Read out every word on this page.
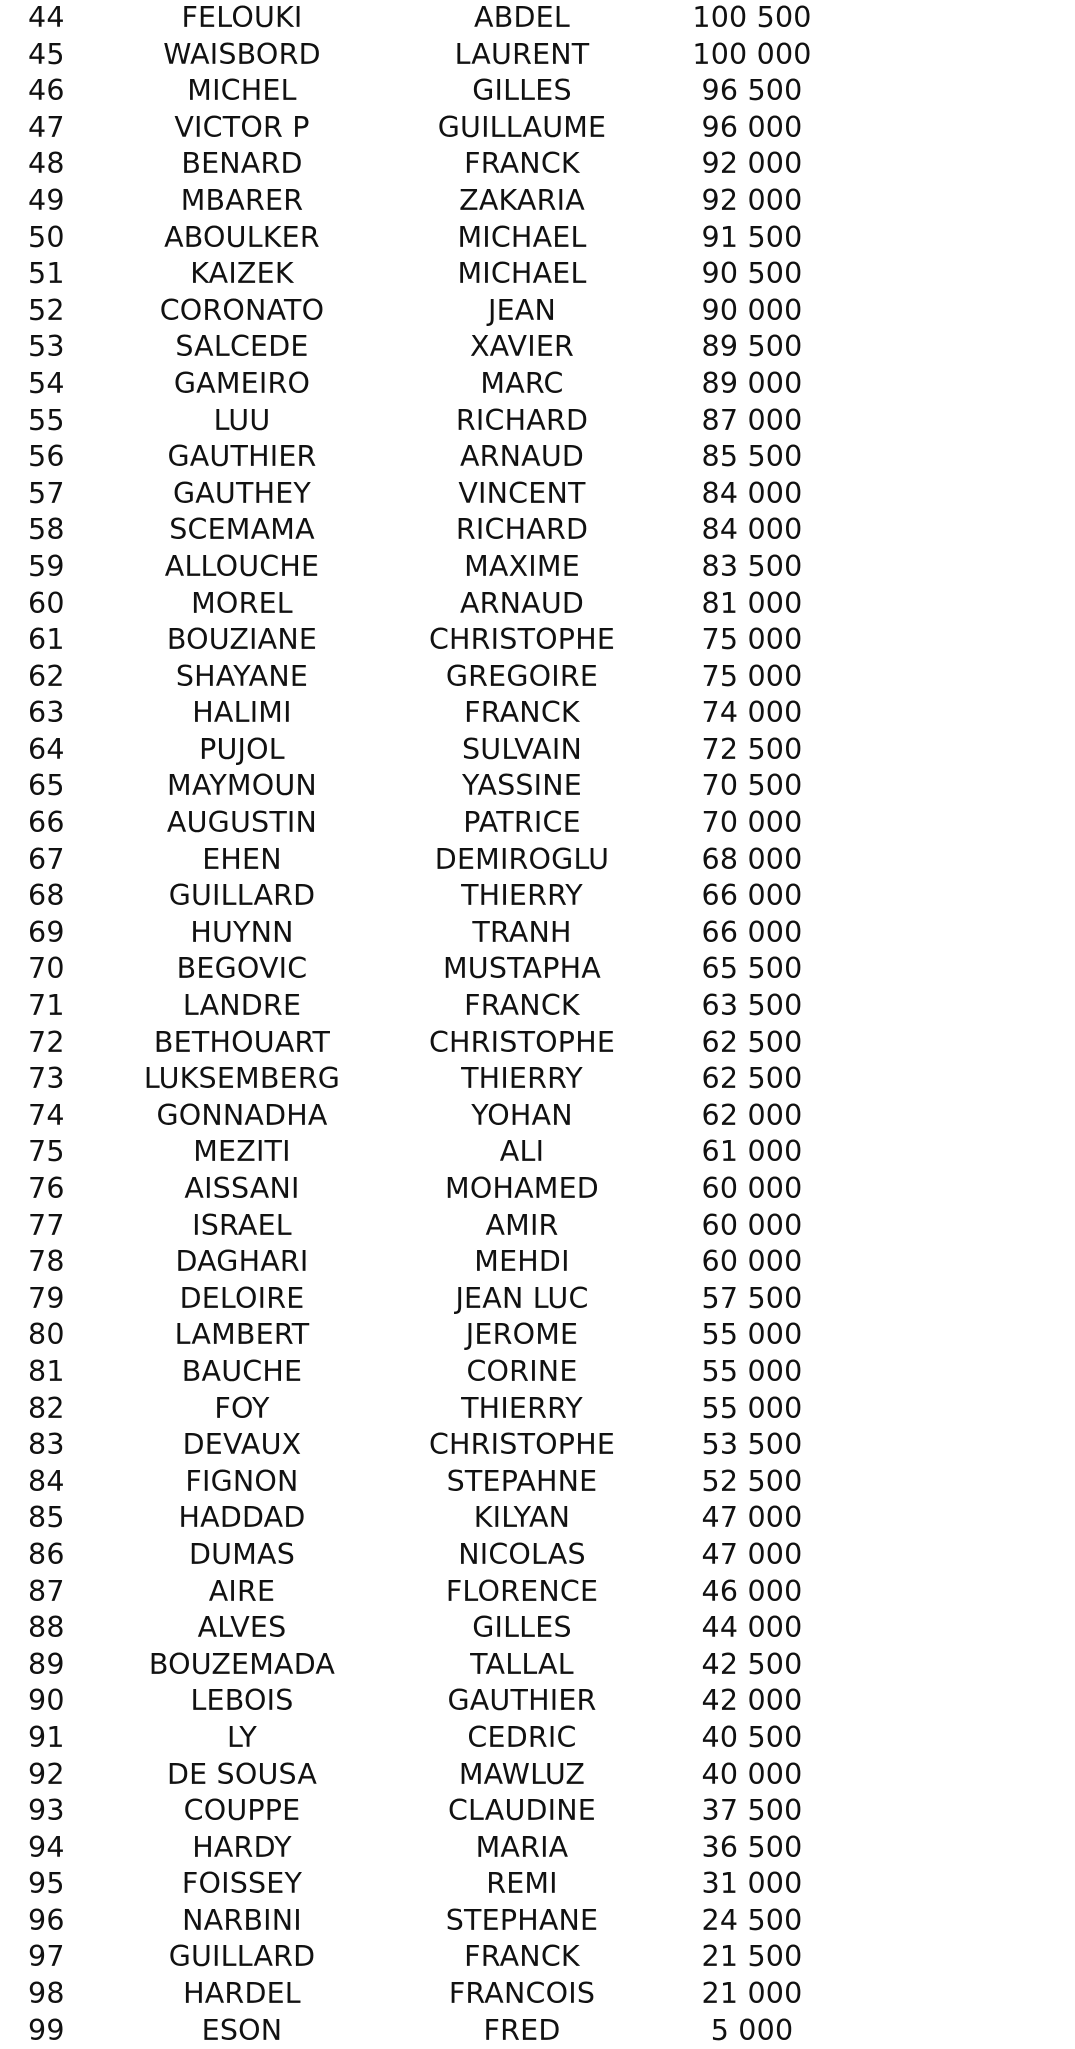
44	FELOUKI	ABDEL	100 500
45	WAISBORD	LAURENT	100 000
46	MICHEL	GILLES	96 500
47	VICTOR P	GUILLAUME	96 000
48	BENARD	FRANCK	92 000
49	MBARER	ZAKARIA	92 000
50	ABOULKER	MICHAEL	91 500
51	KAIZEK	MICHAEL	90 500
52	CORONATO	JEAN	90 000
53	SALCEDE	XAVIER	89 500
54	GAMEIRO	MARC	89 000
55	LUU	RICHARD	87 000
56	GAUTHIER	ARNAUD	85 500
57	GAUTHEY	VINCENT	84 000
58	SCEMAMA	RICHARD	84 000
59	ALLOUCHE	MAXIME	83 500
60	MOREL	ARNAUD	81 000
61	BOUZIANE	CHRISTOPHE	75 000
62	SHAYANE	GREGOIRE	75 000
63	HALIMI	FRANCK	74 000
64	PUJOL	SULVAIN	72 500
65	MAYMOUN	YASSINE	70 500
66	AUGUSTIN	PATRICE	70 000
67	EHEN	DEMIROGLU	68 000
68	GUILLARD	THIERRY	66 000
69	HUYNN	TRANH	66 000
70	BEGOVIC	MUSTAPHA	65 500
71	LANDRE	FRANCK	63 500
72	BETHOUART	CHRISTOPHE	62 500
73	LUKSEMBERG	THIERRY	62 500
74	GONNADHA	YOHAN	62 000
75	MEZITI	ALI	61 000
76	AISSANI	MOHAMED	60 000
77	ISRAEL	AMIR	60 000
78	DAGHARI	MEHDI	60 000
79	DELOIRE	JEAN LUC	57 500
80	LAMBERT	JEROME	55 000
81	BAUCHE	CORINE	55 000
82	FOY	THIERRY	55 000
83	DEVAUX	CHRISTOPHE	53 500
84	FIGNON	STEPAHNE	52 500
85	HADDAD	KILYAN	47 000
86	DUMAS	NICOLAS	47 000
87	AIRE	FLORENCE	46 000
88	ALVES	GILLES	44 000
89	BOUZEMADA	TALLAL	42 500
90	LEBOIS	GAUTHIER	42 000
91	LY	CEDRIC	40 500
92	DE SOUSA	MAWLUZ	40 000
93	COUPPE	CLAUDINE	37 500
94	HARDY	MARIA	36 500
95	FOISSEY	REMI	31 000
96	NARBINI	STEPHANE	24 500
97	GUILLARD	FRANCK	21 500
98	HARDEL	FRANCOIS	21 000
99	ESON	FRED	5 000
